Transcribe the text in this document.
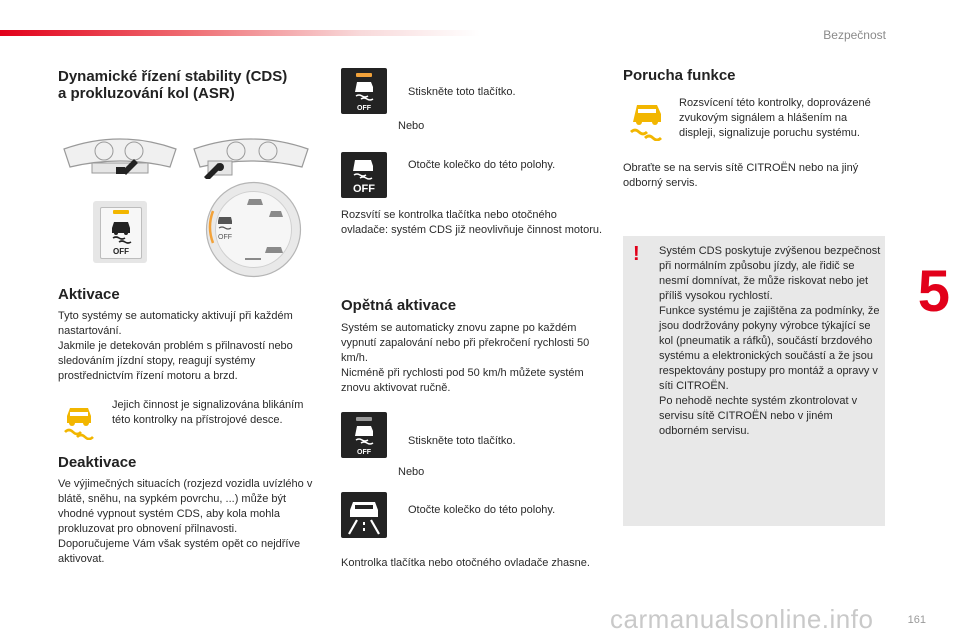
Bezpečnost
5
Dynamické řízení stability (CDS)
a prokluzování kol (ASR)
OFF
OFF
Aktivace

Tyto systémy se automaticky aktivují při každém nastartování.
Jakmile je detekován problém s přilnavostí nebo sledováním jízdní stopy, reagují systémy prostřednictvím řízení motoru a brzd.

Jejich činnost je signalizována blikáním této kontrolky na přístrojové desce.

Deaktivace

Ve výjimečných situacích (rozjezd vozidla uvízlého v blátě, sněhu, na sypkém povrchu, ...) může být vhodné vypnout systém CDS, aby kola mohla prokluzovat pro obnovení přilnavosti.
Doporučujeme Vám však systém opět co nejdříve aktivovat.

OFF
Stiskněte toto tlačítko.
Nebo
OFF
Otočte kolečko do této polohy.

Rozsvítí se kontrolka tlačítka nebo otočného ovladače: systém CDS již neovlivňuje činnost motoru.

Opětná aktivace

Systém se automaticky znovu zapne po každém vypnutí zapalování nebo při překročení rychlosti 50 km/h.
Nicméně při rychlosti pod 50 km/h můžete systém znovu aktivovat ručně.

OFF
Stiskněte toto tlačítko.
Nebo
Otočte kolečko do této polohy.

Kontrolka tlačítka nebo otočného ovladače zhasne.

Porucha funkce

Rozsvícení této kontrolky, doprovázené zvukovým signálem a hlášením na displeji, signalizuje poruchu systému.

Obraťte se na servis sítě CITROËN nebo na jiný odborný servis.

! Systém CDS poskytuje zvýšenou bezpečnost při normálním způsobu jízdy, ale řidič se nesmí domnívat, že může riskovat nebo jet příliš vysokou rychlostí.
Funkce systému je zajištěna za podmínky, že jsou dodržovány pokyny výrobce týkající se kol (pneumatik a ráfků), součástí brzdového systému a elektronických součástí a že jsou respektovány postupy pro montáž a opravy v síti CITROËN.
Po nehodě nechte systém zkontrolovat v servisu sítě CITROËN nebo v jiném odborném servisu.

carmanualsonline.info	161
